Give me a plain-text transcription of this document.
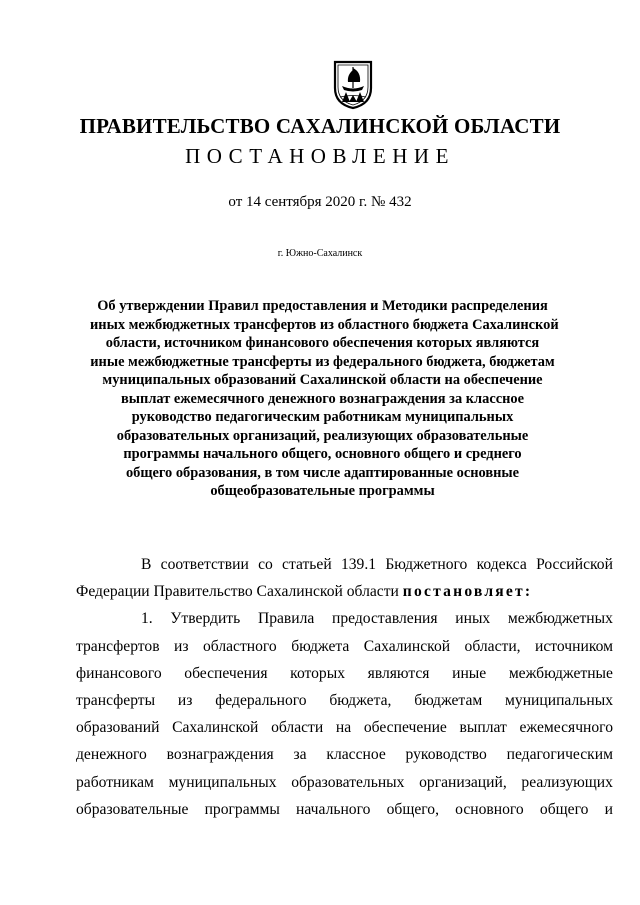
ПРАВИТЕЛЬСТВО САХАЛИНСКОЙ ОБЛАСТИ
ПОСТАНОВЛЕНИЕ
от 14 сентября 2020 г. № 432
г. Южно-Сахалинск
Об утверждении Правил предоставления и Методики распределения
иных межбюджетных трансфертов из областного бюджета Сахалинской
области, источником финансового обеспечения которых являются
иные межбюджетные трансферты из федерального бюджета, бюджетам
муниципальных образований Сахалинской области на обеспечение
выплат ежемесячного денежного вознаграждения за классное
руководство педагогическим работникам муниципальных
образовательных организаций, реализующих образовательные
программы начального общего, основного общего и среднего
общего образования, в том числе адаптированные основные
общеобразовательные программы
В соответствии со статьей 139.1 Бюджетного кодекса Российской
Федерации Правительство Сахалинской области
постановляет:
1. Утвердить Правила предоставления иных межбюджетных
трансфертов из областного бюджета Сахалинской области, источником
финансового обеспечения которых являются иные межбюджетные
трансферты из федерального бюджета, бюджетам муниципальных
образований Сахалинской области на обеспечение выплат ежемесячного
денежного вознаграждения за классное руководство педагогическим
работникам муниципальных образовательных организаций, реализующих
образовательные программы начального общего, основного общего и
